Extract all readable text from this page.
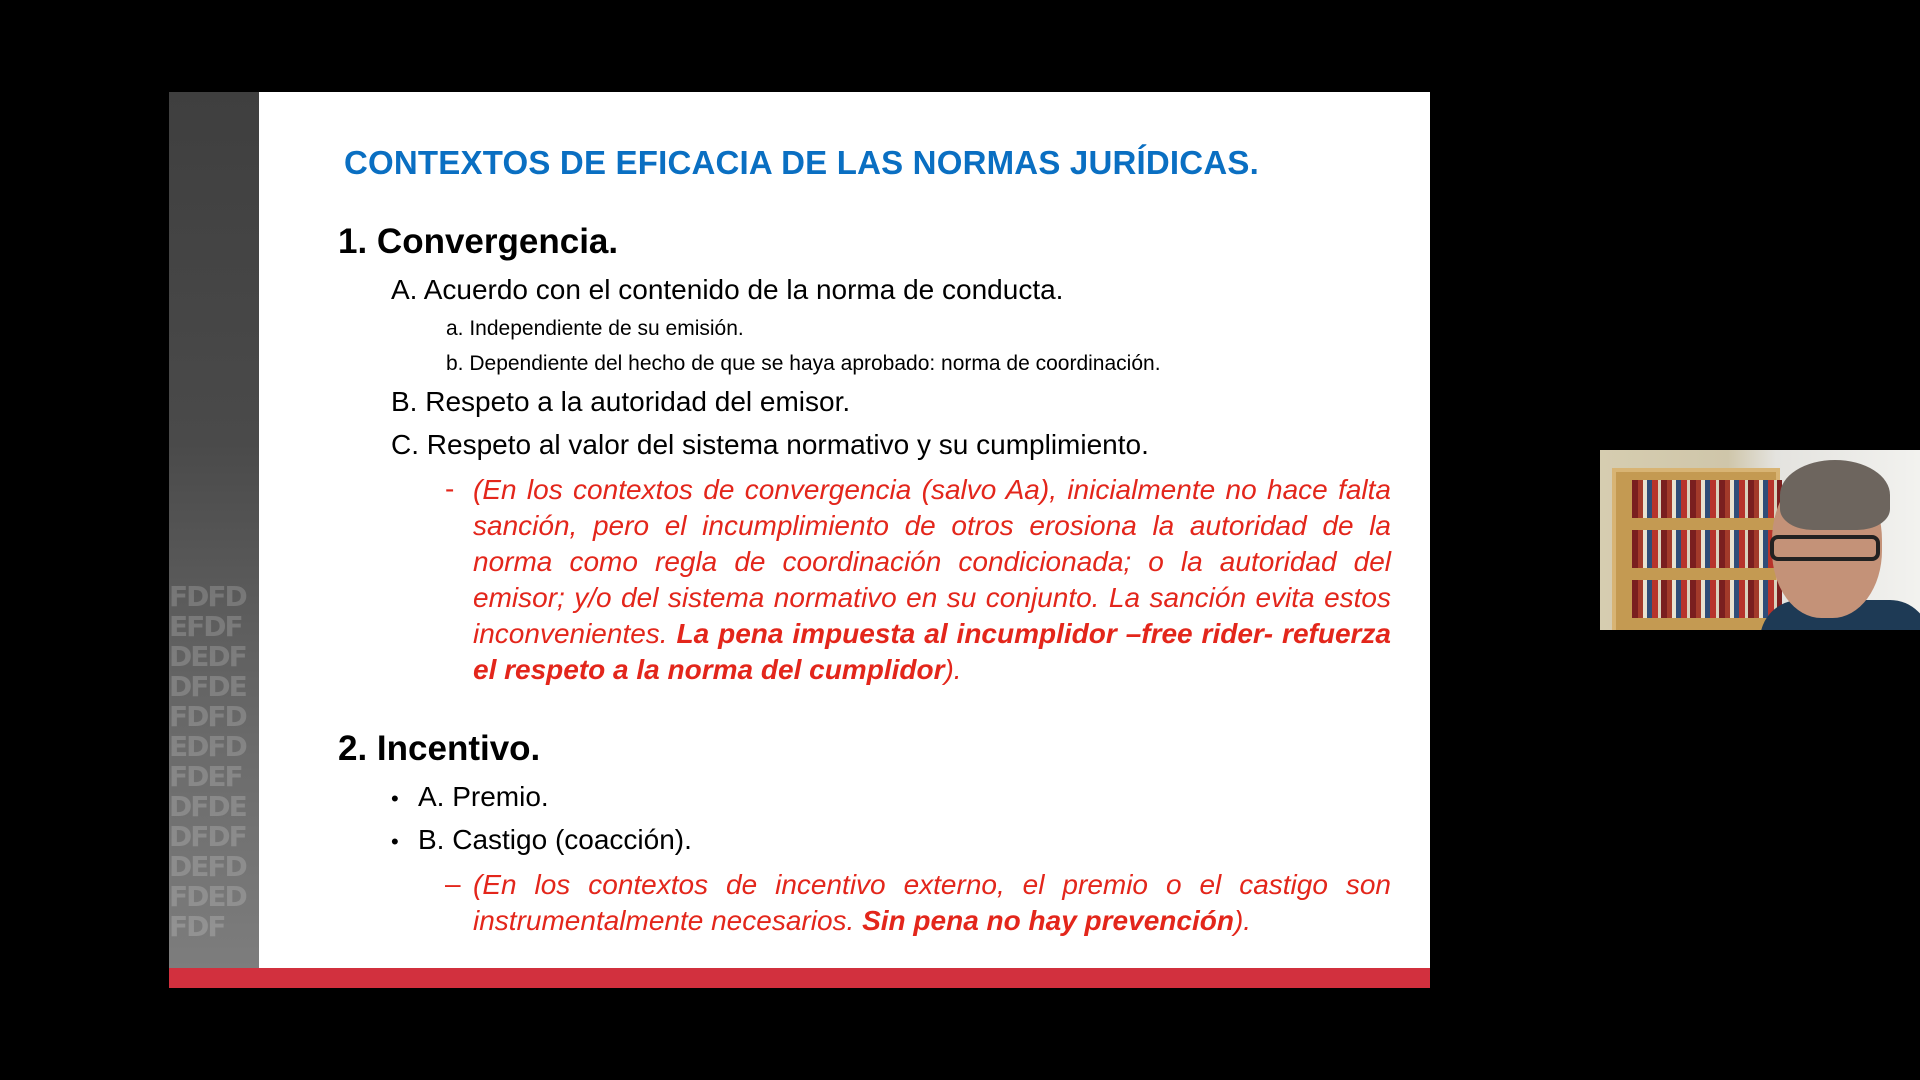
FDFDEFDFDEDFDFDEFDFDEDFDFDEFDFDEDFDFDEFDFDEDFDF
CONTEXTOS DE EFICACIA DE LAS NORMAS JURÍDICAS.
1. Convergencia.
A. Acuerdo con el contenido de la norma de conducta.
a. Independiente de su emisión.
b. Dependiente del hecho de que se haya aprobado: norma de coordinación.
B. Respeto a la autoridad del emisor.
C. Respeto al valor del sistema normativo y su cumplimiento.
- (En los contextos de convergencia (salvo Aa), inicialmente no hace falta sanción, pero el incumplimiento de otros erosiona la autoridad de la norma como regla de coordinación condicionada; o la autoridad del emisor; y/o del sistema normativo en su conjunto. La sanción evita estos inconvenientes. La pena impuesta al incumplidor –free rider- refuerza el respeto a la norma del cumplidor).
2. Incentivo.
• A. Premio.
• B. Castigo (coacción).
– (En los contextos de incentivo externo, el premio o el castigo son instrumentalmente necesarios. Sin pena no hay prevención).
